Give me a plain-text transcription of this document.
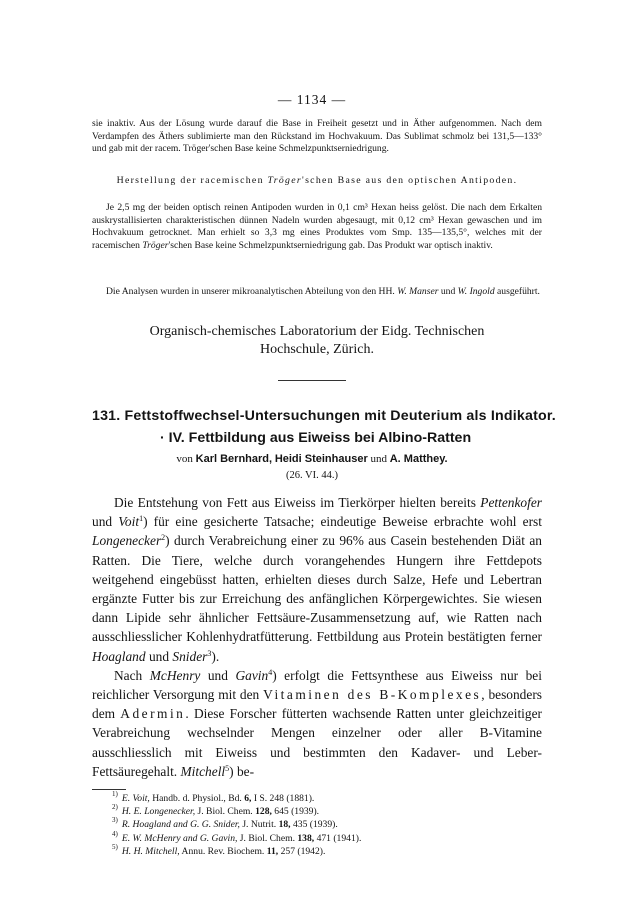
— 1134 —

sie inaktiv. Aus der Lösung wurde darauf die Base in Freiheit gesetzt und in Äther aufgenommen. Nach dem Verdampfen des Äthers sublimierte man den Rückstand im Hochvakuum. Das Sublimat schmolz bei 131,5—133° und gab mit der racem. Tröger'schen Base keine Schmelzpunktserniedrigung.

Herstellung der racemischen Tröger'schen Base aus den optischen Antipoden.

Je 2,5 mg der beiden optisch reinen Antipoden wurden in 0,1 cm³ Hexan heiss gelöst. Die nach dem Erkalten auskrystallisierten charakteristischen dünnen Nadeln wurden abgesaugt, mit 0,12 cm³ Hexan gewaschen und im Hochvakuum getrocknet. Man erhielt so 3,3 mg eines Produktes vom Smp. 135—135,5°, welches mit der racemischen Tröger'schen Base keine Schmelzpunktserniedrigung gab. Das Produkt war optisch inaktiv.

Die Analysen wurden in unserer mikroanalytischen Abteilung von den HH. W. Manser und W. Ingold ausgeführt.

Organisch-chemisches Laboratorium der Eidg. Technischen
Hochschule, Zürich.
131. Fettstoffwechsel-Untersuchungen mit Deuterium als Indikator.
· IV. Fettbildung aus Eiweiss bei Albino-Ratten
von Karl Bernhard, Heidi Steinhauser und A. Matthey.
(26. VI. 44.)

Die Entstehung von Fett aus Eiweiss im Tierkörper hielten bereits Pettenkofer und Voit$^1$) für eine gesicherte Tatsache; eindeutige Beweise erbrachte wohl erst Longenecker$^2$) durch Verabreichung einer zu 96% aus Casein bestehenden Diät an Ratten. Die Tiere, welche durch vorangehendes Hungern ihre Fettdepots weitgehend eingebüsst hatten, erhielten dieses durch Salze, Hefe und Lebertran ergänzte Futter bis zur Erreichung des anfänglichen Körpergewichtes. Sie wiesen dann Lipide sehr ähnlicher Fettsäure-Zusammensetzung auf, wie Ratten nach ausschliesslicher Kohlenhydratfütterung. Fettbildung aus Protein bestätigten ferner Hoagland und Snider$^3$).

Nach McHenry und Gavin$^4$) erfolgt die Fettsynthese aus Eiweiss nur bei reichlicher Versorgung mit den Vitaminen des B-Komplexes, besonders dem Adermin. Diese Forscher fütterten wachsende Ratten unter gleichzeitiger Verabreichung wechselnder Mengen einzelner oder aller B-Vitamine ausschliesslich mit Eiweiss und bestimmten den Kadaver- und Leber-Fettsäuregehalt. Mitchell$^5$) be-

$^{1)}$ E. Voit, Handb. d. Physiol., Bd. 6, I S. 248 (1881).
$^{2)}$ H. E. Longenecker, J. Biol. Chem. 128, 645 (1939).
$^{3)}$ R. Hoagland and G. G. Snider, J. Nutrit. 18, 435 (1939).
$^{4)}$ E. W. McHenry and G. Gavin, J. Biol. Chem. 138, 471 (1941).
$^{5)}$ H. H. Mitchell, Annu. Rev. Biochem. 11, 257 (1942).
